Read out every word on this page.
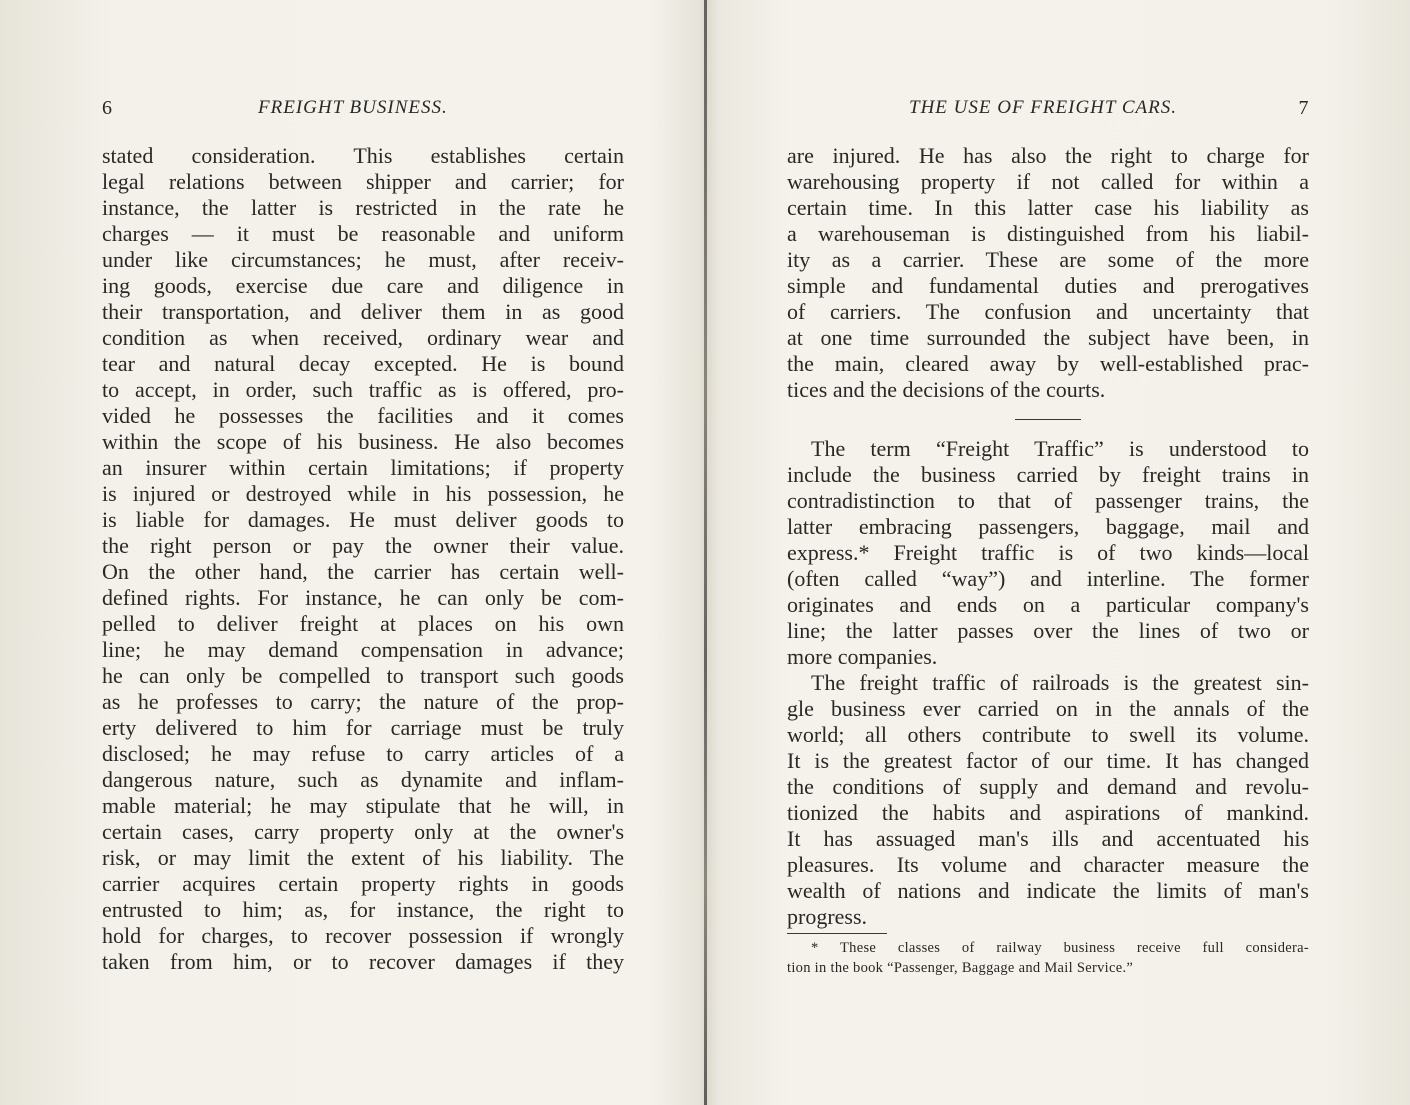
6	FREIGHT BUSINESS.
stated consideration. This establishes certain
legal relations between shipper and carrier; for
instance, the latter is restricted in the rate he
charges — it must be reasonable and uniform
under like circumstances; he must, after receiv-
ing goods, exercise due care and diligence in
their transportation, and deliver them in as good
condition as when received, ordinary wear and
tear and natural decay excepted. He is bound
to accept, in order, such traffic as is offered, pro-
vided he possesses the facilities and it comes
within the scope of his business. He also becomes
an insurer within certain limitations; if property
is injured or destroyed while in his possession, he
is liable for damages. He must deliver goods to
the right person or pay the owner their value.
On the other hand, the carrier has certain well-
defined rights. For instance, he can only be com-
pelled to deliver freight at places on his own
line; he may demand compensation in advance;
he can only be compelled to transport such goods
as he professes to carry; the nature of the prop-
erty delivered to him for carriage must be truly
disclosed; he may refuse to carry articles of a
dangerous nature, such as dynamite and inflam-
mable material; he may stipulate that he will, in
certain cases, carry property only at the owner's
risk, or may limit the extent of his liability. The
carrier acquires certain property rights in goods
entrusted to him; as, for instance, the right to
hold for charges, to recover possession if wrongly
taken from him, or to recover damages if they
THE USE OF FREIGHT CARS.	7
are injured. He has also the right to charge for
warehousing property if not called for within a
certain time. In this latter case his liability as
a warehouseman is distinguished from his liabil-
ity as a carrier. These are some of the more
simple and fundamental duties and prerogatives
of carriers. The confusion and uncertainty that
at one time surrounded the subject have been, in
the main, cleared away by well-established prac-
tices and the decisions of the courts.
The term “Freight Traffic” is understood to
include the business carried by freight trains in
contradistinction to that of passenger trains, the
latter embracing passengers, baggage, mail and
express.* Freight traffic is of two kinds—local
(often called “way”) and interline. The former
originates and ends on a particular company's
line; the latter passes over the lines of two or
more companies.
The freight traffic of railroads is the greatest sin-
gle business ever carried on in the annals of the
world; all others contribute to swell its volume.
It is the greatest factor of our time. It has changed
the conditions of supply and demand and revolu-
tionized the habits and aspirations of mankind.
It has assuaged man's ills and accentuated his
pleasures. Its volume and character measure the
wealth of nations and indicate the limits of man's
progress.
* These classes of railway business receive full considera-
tion in the book “Passenger, Baggage and Mail Service.”
